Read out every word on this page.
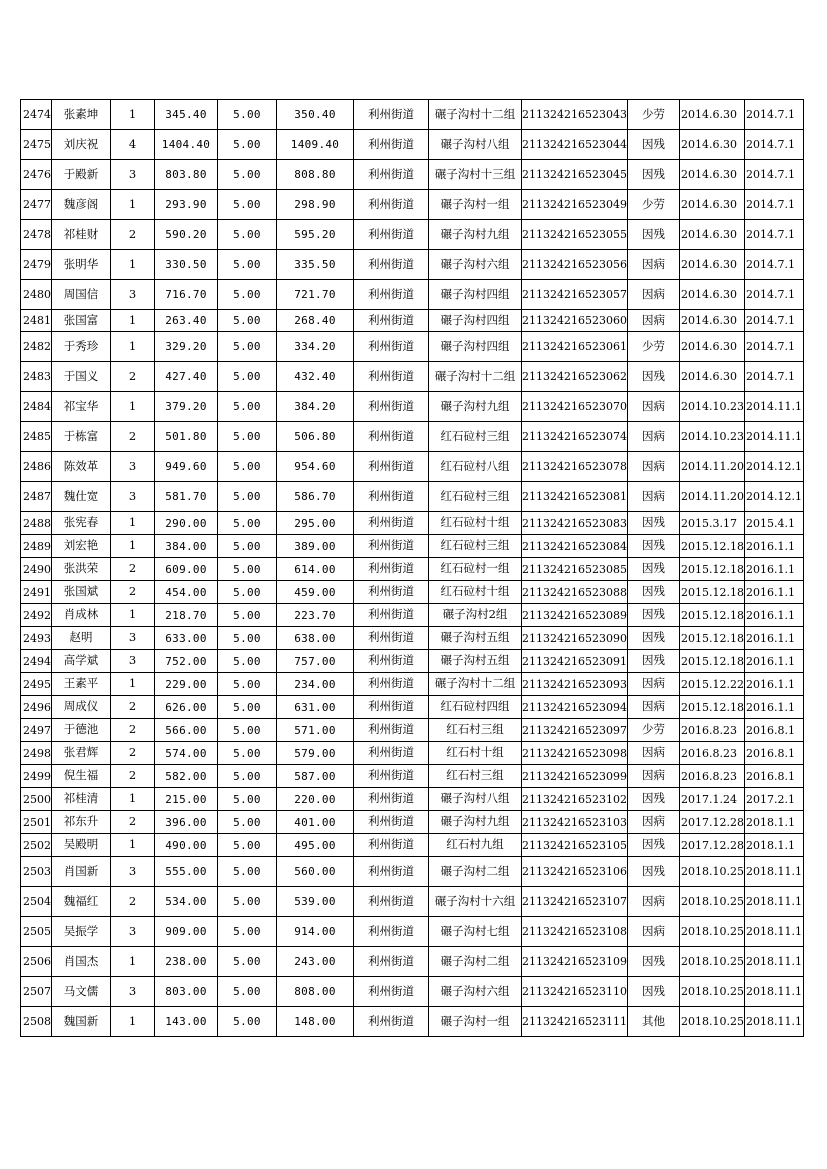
2474	张素坤	1	345.40	5.00	350.40	利州街道	碾子沟村十二组	211324216523043	少劳	2014.6.30	2014.7.1
2475	刘庆祝	4	1404.40	5.00	1409.40	利州街道	碾子沟村八组	211324216523044	因残	2014.6.30	2014.7.1
2476	于殿新	3	803.80	5.00	808.80	利州街道	碾子沟村十三组	211324216523045	因残	2014.6.30	2014.7.1
2477	魏彦阁	1	293.90	5.00	298.90	利州街道	碾子沟村一组	211324216523049	少劳	2014.6.30	2014.7.1
2478	祁桂财	2	590.20	5.00	595.20	利州街道	碾子沟村九组	211324216523055	因残	2014.6.30	2014.7.1
2479	张明华	1	330.50	5.00	335.50	利州街道	碾子沟村六组	211324216523056	因病	2014.6.30	2014.7.1
2480	周国信	3	716.70	5.00	721.70	利州街道	碾子沟村四组	211324216523057	因病	2014.6.30	2014.7.1
2481	张国富	1	263.40	5.00	268.40	利州街道	碾子沟村四组	211324216523060	因病	2014.6.30	2014.7.1
2482	于秀珍	1	329.20	5.00	334.20	利州街道	碾子沟村四组	211324216523061	少劳	2014.6.30	2014.7.1
2483	于国义	2	427.40	5.00	432.40	利州街道	碾子沟村十二组	211324216523062	因残	2014.6.30	2014.7.1
2484	祁宝华	1	379.20	5.00	384.20	利州街道	碾子沟村九组	211324216523070	因病	2014.10.23	2014.11.1
2485	于栋富	2	501.80	5.00	506.80	利州街道	红石砬村三组	211324216523074	因病	2014.10.23	2014.11.1
2486	陈效革	3	949.60	5.00	954.60	利州街道	红石砬村八组	211324216523078	因病	2014.11.20	2014.12.1
2487	魏仕宽	3	581.70	5.00	586.70	利州街道	红石砬村三组	211324216523081	因病	2014.11.20	2014.12.1
2488	张宪春	1	290.00	5.00	295.00	利州街道	红石砬村十组	211324216523083	因残	2015.3.17	2015.4.1
2489	刘宏艳	1	384.00	5.00	389.00	利州街道	红石砬村三组	211324216523084	因残	2015.12.18	2016.1.1
2490	张洪荣	2	609.00	5.00	614.00	利州街道	红石砬村一组	211324216523085	因残	2015.12.18	2016.1.1
2491	张国斌	2	454.00	5.00	459.00	利州街道	红石砬村十组	211324216523088	因残	2015.12.18	2016.1.1
2492	肖成林	1	218.70	5.00	223.70	利州街道	碾子沟村2组	211324216523089	因残	2015.12.18	2016.1.1
2493	赵明	3	633.00	5.00	638.00	利州街道	碾子沟村五组	211324216523090	因残	2015.12.18	2016.1.1
2494	高学斌	3	752.00	5.00	757.00	利州街道	碾子沟村五组	211324216523091	因残	2015.12.18	2016.1.1
2495	王素平	1	229.00	5.00	234.00	利州街道	碾子沟村十二组	211324216523093	因病	2015.12.22	2016.1.1
2496	周成仪	2	626.00	5.00	631.00	利州街道	红石砬村四组	211324216523094	因病	2015.12.18	2016.1.1
2497	于德池	2	566.00	5.00	571.00	利州街道	红石村三组	211324216523097	少劳	2016.8.23	2016.8.1
2498	张君辉	2	574.00	5.00	579.00	利州街道	红石村十组	211324216523098	因病	2016.8.23	2016.8.1
2499	倪生福	2	582.00	5.00	587.00	利州街道	红石村三组	211324216523099	因病	2016.8.23	2016.8.1
2500	祁桂清	1	215.00	5.00	220.00	利州街道	碾子沟村八组	211324216523102	因残	2017.1.24	2017.2.1
2501	祁东升	2	396.00	5.00	401.00	利州街道	碾子沟村九组	211324216523103	因病	2017.12.28	2018.1.1
2502	吴殿明	1	490.00	5.00	495.00	利州街道	红石村九组	211324216523105	因残	2017.12.28	2018.1.1
2503	肖国新	3	555.00	5.00	560.00	利州街道	碾子沟村二组	211324216523106	因残	2018.10.25	2018.11.1
2504	魏福红	2	534.00	5.00	539.00	利州街道	碾子沟村十六组	211324216523107	因病	2018.10.25	2018.11.1
2505	吴振学	3	909.00	5.00	914.00	利州街道	碾子沟村七组	211324216523108	因病	2018.10.25	2018.11.1
2506	肖国杰	1	238.00	5.00	243.00	利州街道	碾子沟村二组	211324216523109	因残	2018.10.25	2018.11.1
2507	马文儒	3	803.00	5.00	808.00	利州街道	碾子沟村六组	211324216523110	因残	2018.10.25	2018.11.1
2508	魏国新	1	143.00	5.00	148.00	利州街道	碾子沟村一组	211324216523111	其他	2018.10.25	2018.11.1
